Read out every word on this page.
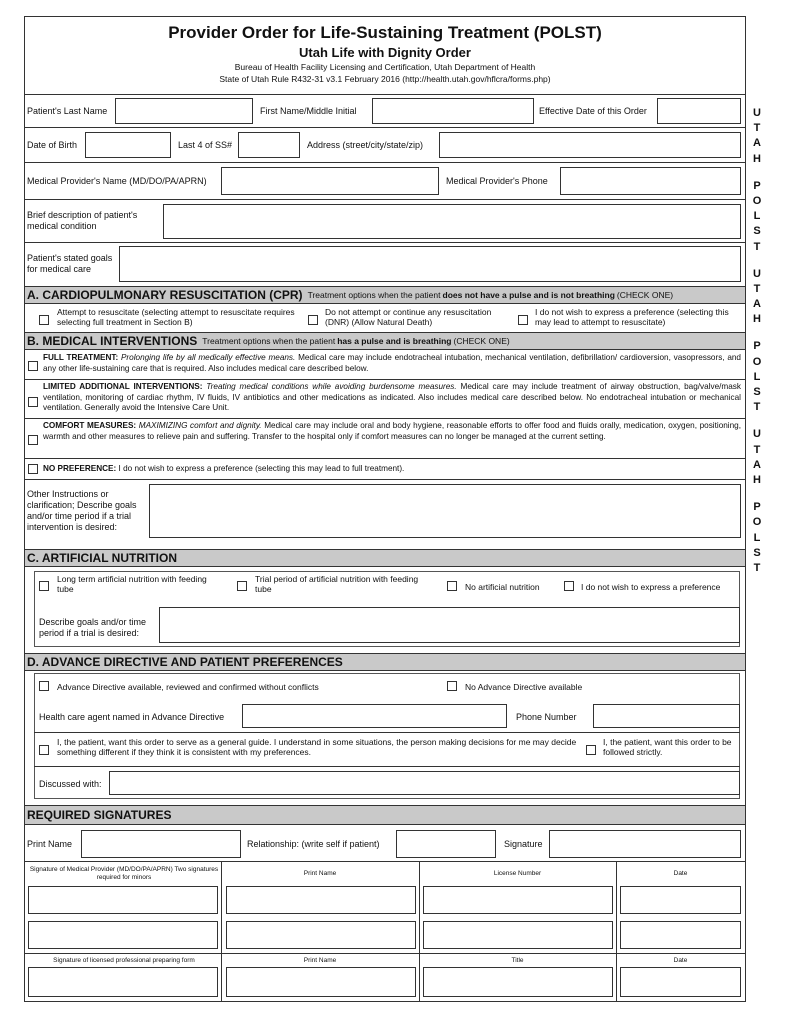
Provider Order for Life-Sustaining Treatment (POLST)
Utah Life with Dignity Order
Bureau of Health Facility Licensing and Certification, Utah Department of Health
State of Utah Rule R432-31 v3.1 February 2016 (http://health.utah.gov/hflcra/forms.php)
Patient's Last Name	First Name/Middle Initial	Effective Date of this Order
Date of Birth	Last 4 of SS#	Address (street/city/state/zip)
Medical Provider's Name (MD/DO/PA/APRN)	Medical Provider's Phone
Brief description of patient's medical condition
Patient's stated goals for medical care
A. CARDIOPULMONARY RESUSCITATION (CPR) Treatment options when the patient does not have a pulse and is not breathing (CHECK ONE)
Attempt to resuscitate (selecting attempt to resuscitate requires selecting full treatment in Section B)
Do not attempt or continue any resuscitation (DNR) (Allow Natural Death)
I do not wish to express a preference (selecting this may lead to attempt to resuscitate)
B. MEDICAL INTERVENTIONS Treatment options when the patient has a pulse and is breathing (CHECK ONE)
FULL TREATMENT: Prolonging life by all medically effective means. Medical care may include endotracheal intubation, mechanical ventilation, defibrillation/ cardioversion, vasopressors, and any other life-sustaining care that is required. Also includes medical care described below.
LIMITED ADDITIONAL INTERVENTIONS: Treating medical conditions while avoiding burdensome measures. Medical care may include treatment of airway obstruction, bag/valve/mask ventilation, monitoring of cardiac rhythm, IV fluids, IV antibiotics and other medications as indicated. Also includes medical care described below. No endotracheal intubation or mechanical ventilation. Generally avoid the Intensive Care Unit.
COMFORT MEASURES: MAXIMIZING comfort and dignity. Medical care may include oral and body hygiene, reasonable efforts to offer food and fluids orally, medication, oxygen, positioning, warmth and other measures to relieve pain and suffering. Transfer to the hospital only if comfort measures can no longer be managed at the current setting.
NO PREFERENCE: I do not wish to express a preference (selecting this may lead to full treatment).
Other Instructions or clarification; Describe goals and/or time period if a trial intervention is desired:
C. ARTIFICIAL NUTRITION
Long term artificial nutrition with feeding tube
Trial period of artificial nutrition with feeding tube	No artificial nutrition	I do not wish to express a preference
Describe goals and/or time period if a trial is desired:
D. ADVANCE DIRECTIVE AND PATIENT PREFERENCES
Advance Directive available, reviewed and confirmed without conflicts	No Advance Directive available
Health care agent named in Advance Directive	Phone Number
I, the patient, want this order to serve as a general guide. I understand in some situations, the person making decisions for me may decide something different if they think it is consistent with my preferences.
I, the patient, want this order to be followed strictly.
Discussed with:
REQUIRED SIGNATURES
Print Name	Relationship: (write self if patient)	Signature
Signature of Medical Provider (MD/DO/PA/APRN) Two signatures required for minors
Print Name	License Number	Date
Signature of licensed professional preparing form	Print Name	Title	Date
U
T
A
H
P
O
L
S
T
U
T
A
H
P
O
L
S
T
U
T
A
H
P
O
L
S
T
